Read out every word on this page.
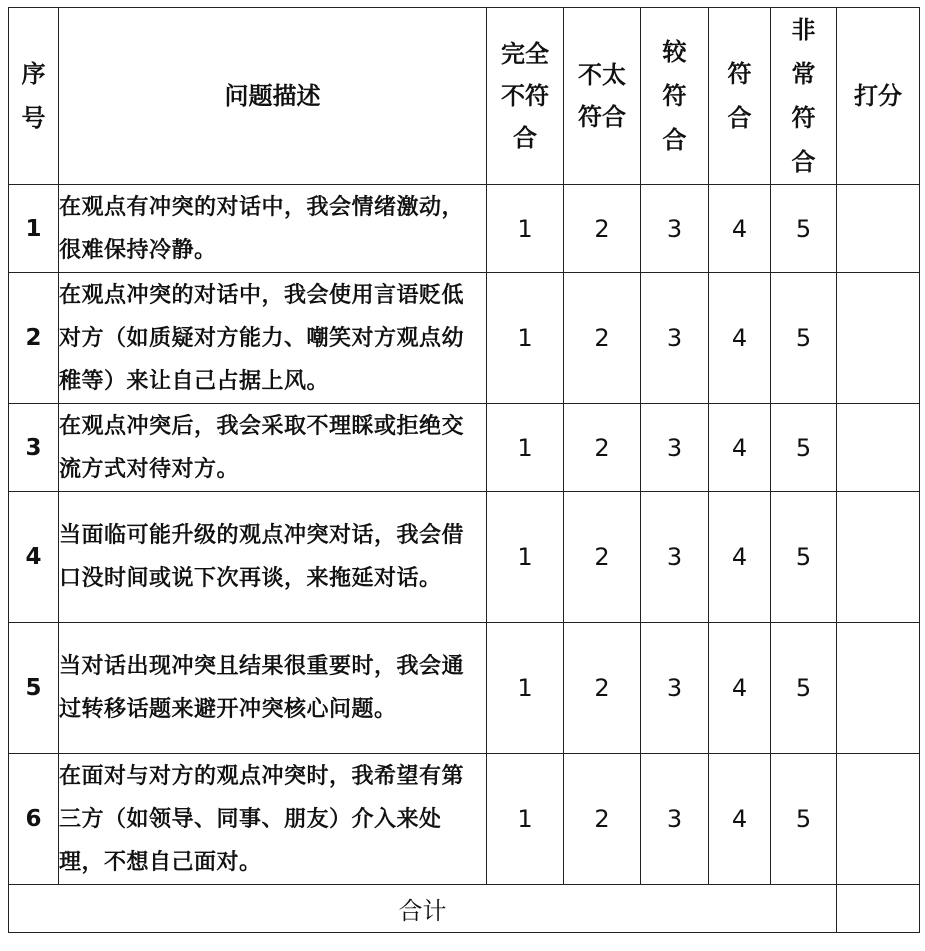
序号	问题描述	完全不符合	不太符合	较符合	符合	非常符合	打分
1	在观点有冲突的对话中，我会情绪激动，很难保持冷静。	1	2	3	4	5	
2	在观点冲突的对话中，我会使用言语贬低对方（如质疑对方能力、嘲笑对方观点幼稚等）来让自己占据上风。	1	2	3	4	5	
3	在观点冲突后，我会采取不理睬或拒绝交流方式对待对方。	1	2	3	4	5	
4	当面临可能升级的观点冲突对话，我会借口没时间或说下次再谈，来拖延对话。	1	2	3	4	5	
5	当对话出现冲突且结果很重要时，我会通过转移话题来避开冲突核心问题。	1	2	3	4	5	
6	在面对与对方的观点冲突时，我希望有第三方（如领导、同事、朋友）介入来处理，不想自己面对。	1	2	3	4	5	
合计							
